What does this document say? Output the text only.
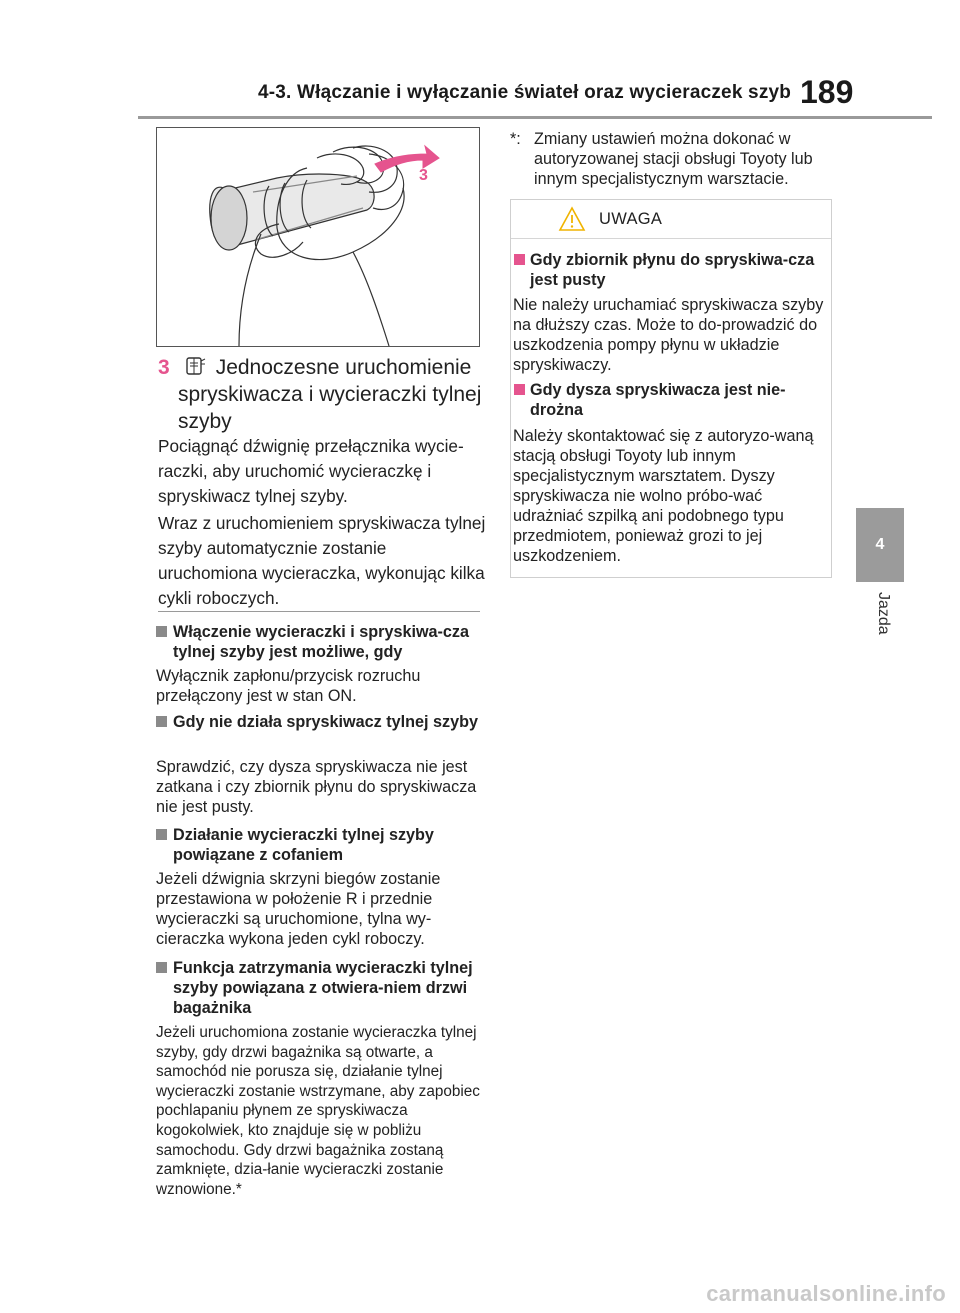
4-3. Włączanie i wyłączanie świateł oraz wycieraczek szyb 189
4
Jazda
3
3 Jednoczesne uruchomienie
spryskiwacza i wycieraczki tylnej szyby

Pociągnąć dźwignię przełącznika wycie-raczki, aby uruchomić wycieraczkę i spryskiwacz tylnej szyby.

Wraz z uruchomieniem spryskiwacza tylnej szyby automatycznie zostanie uruchomiona wycieraczka, wykonując kilka cykli roboczych.

Włączenie wycieraczki i spryskiwa-cza tylnej szyby jest możliwe, gdy

Wyłącznik zapłonu/przycisk rozruchu przełączony jest w stan ON.

Gdy nie działa spryskiwacz tylnej szyby

Sprawdzić, czy dysza spryskiwacza nie jest zatkana i czy zbiornik płynu do spryskiwacza nie jest pusty.

Działanie wycieraczki tylnej szyby powiązane z cofaniem

Jeżeli dźwignia skrzyni biegów zostanie przestawiona w położenie R i przednie wycieraczki są uruchomione, tylna wy-cieraczka wykona jeden cykl roboczy.

Funkcja zatrzymania wycieraczki tylnej szyby powiązana z otwiera-niem drzwi bagażnika

Jeżeli uruchomiona zostanie wycieraczka tylnej szyby, gdy drzwi bagażnika są otwarte, a samochód nie porusza się, działanie tylnej wycieraczki zostanie wstrzymane, aby zapobiec pochlapaniu płynem ze spryskiwacza kogokolwiek, kto znajduje się w pobliżu samochodu. Gdy drzwi bagażnika zostaną zamknięte, dzia-łanie wycieraczki zostanie wznowione.*

*: Zmiany ustawień można dokonać w autoryzowanej stacji obsługi Toyoty lub innym specjalistycznym warsztacie.
UWAGA
Gdy zbiornik płynu do spryskiwa-cza jest pusty

Nie należy uruchamiać spryskiwacza szyby na dłuższy czas. Może to do-prowadzić do uszkodzenia pompy płynu w układzie spryskiwaczy.

Gdy dysza spryskiwacza jest nie-drożna

Należy skontaktować się z autoryzo-waną stacją obsługi Toyoty lub innym specjalistycznym warsztatem. Dyszy spryskiwacza nie wolno próbo-wać udrażniać szpilką ani podobnego typu przedmiotem, ponieważ grozi to jej uszkodzeniem.

carmanualsonline.info
